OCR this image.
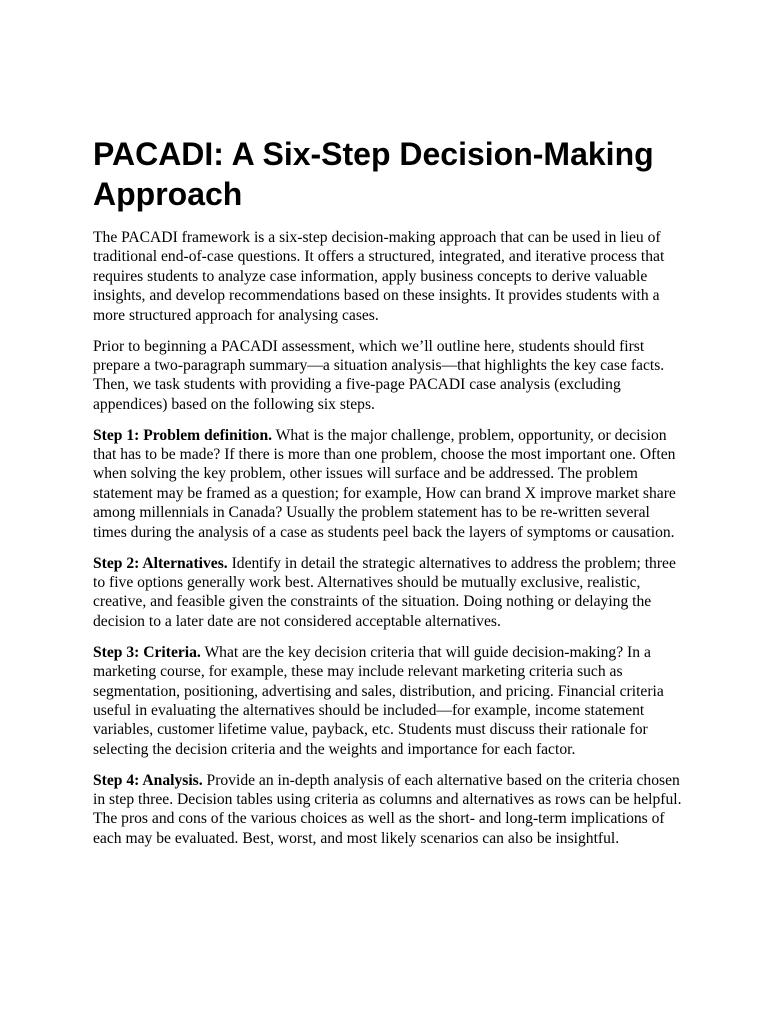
PACADI: A Six-Step Decision-Making Approach

The PACADI framework is a six-step decision-making approach that can be used in lieu of traditional end-of-case questions. It offers a structured, integrated, and iterative process that requires students to analyze case information, apply business concepts to derive valuable insights, and develop recommendations based on these insights. It provides students with a more structured approach for analysing cases.

Prior to beginning a PACADI assessment, which we’ll outline here, students should first prepare a two-paragraph summary—a situation analysis—that highlights the key case facts. Then, we task students with providing a five-page PACADI case analysis (excluding appendices) based on the following six steps.

Step 1: Problem definition. What is the major challenge, problem, opportunity, or decision that has to be made? If there is more than one problem, choose the most important one. Often when solving the key problem, other issues will surface and be addressed. The problem statement may be framed as a question; for example, How can brand X improve market share among millennials in Canada? Usually the problem statement has to be re-written several times during the analysis of a case as students peel back the layers of symptoms or causation.

Step 2: Alternatives. Identify in detail the strategic alternatives to address the problem; three to five options generally work best. Alternatives should be mutually exclusive, realistic, creative, and feasible given the constraints of the situation. Doing nothing or delaying the decision to a later date are not considered acceptable alternatives.

Step 3: Criteria. What are the key decision criteria that will guide decision-making? In a marketing course, for example, these may include relevant marketing criteria such as segmentation, positioning, advertising and sales, distribution, and pricing. Financial criteria useful in evaluating the alternatives should be included—for example, income statement variables, customer lifetime value, payback, etc. Students must discuss their rationale for selecting the decision criteria and the weights and importance for each factor.

Step 4: Analysis. Provide an in-depth analysis of each alternative based on the criteria chosen in step three. Decision tables using criteria as columns and alternatives as rows can be helpful. The pros and cons of the various choices as well as the short- and long-term implications of each may be evaluated. Best, worst, and most likely scenarios can also be insightful.
